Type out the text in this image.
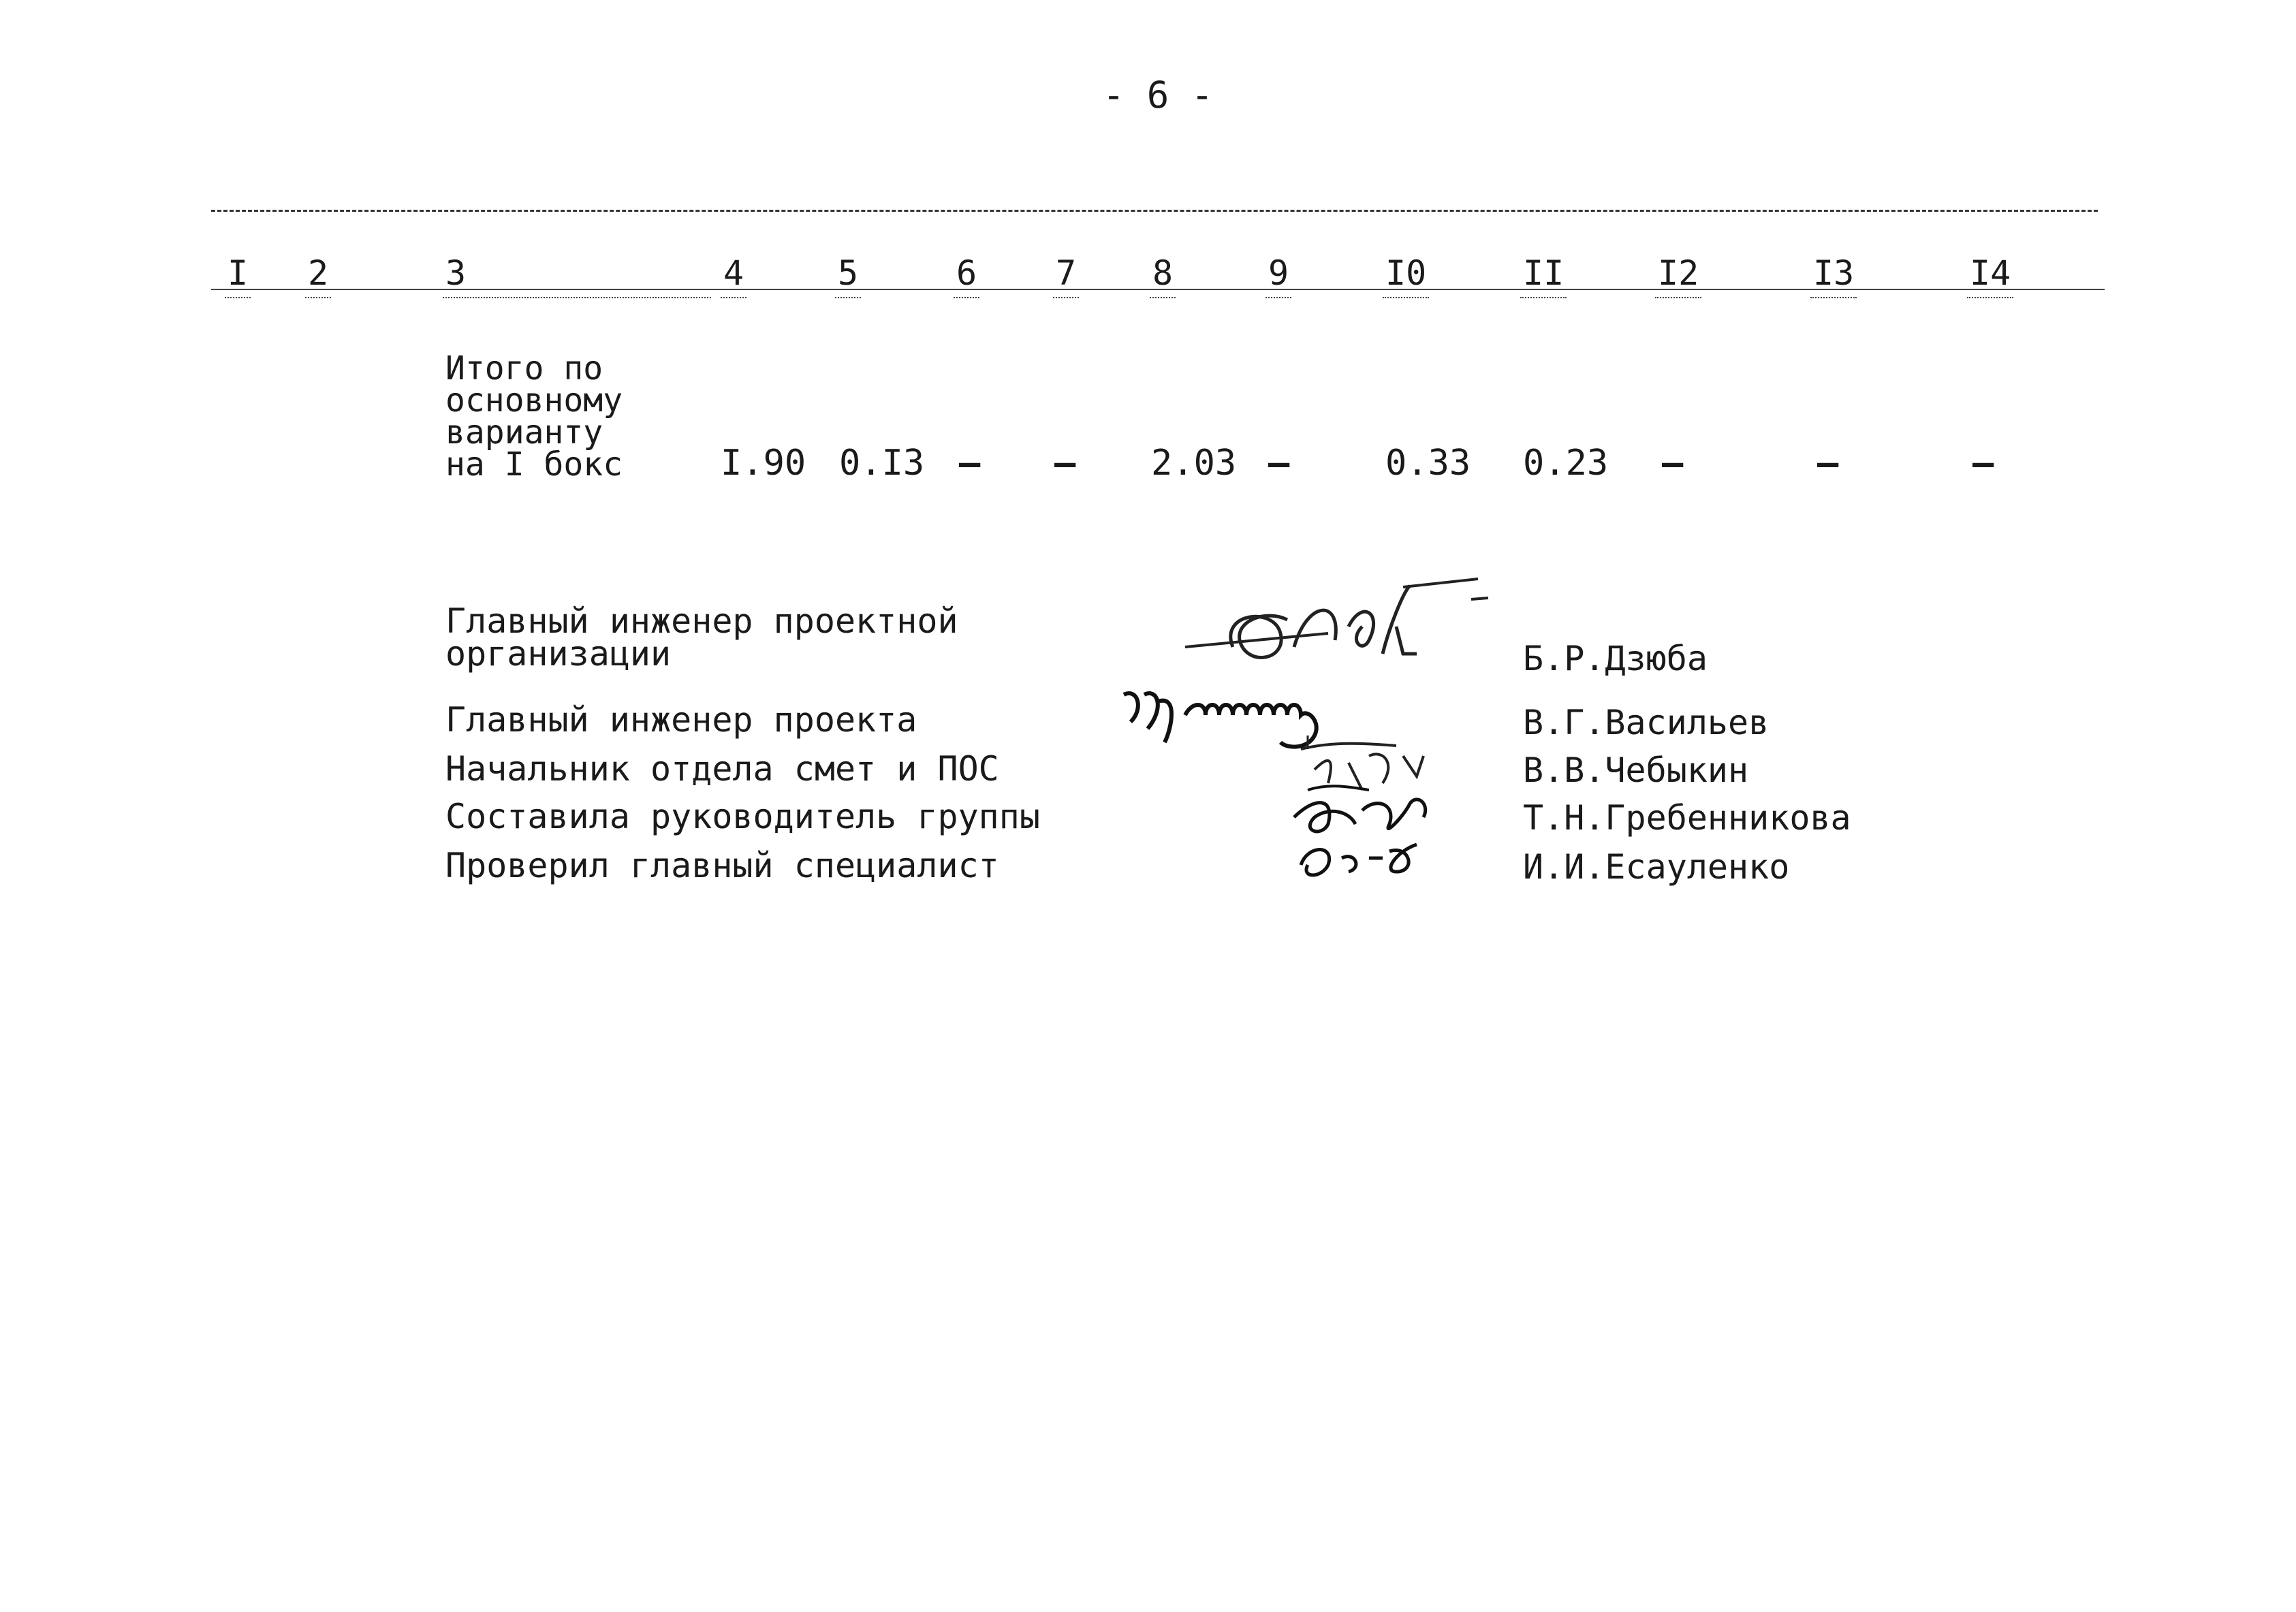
- 6 -
I 2	3	4	5	6 7 8	9	I0	II	I2	I3	I4
Итого по
основному
варианту
на I бокс	I.90 0.I3 – – 2.03 –	0.33 0.23 –	–	–
Главный инженер проектной
организации
Главный инженер проекта
Начальник отдела смет и ПОС
Составила руководитель группы
Проверил главный специалист
Б.Р.Дзюба
В.Г.Васильев
В.В.Чебыкин
Т.Н.Гребенникова
И.И.Есауленко
